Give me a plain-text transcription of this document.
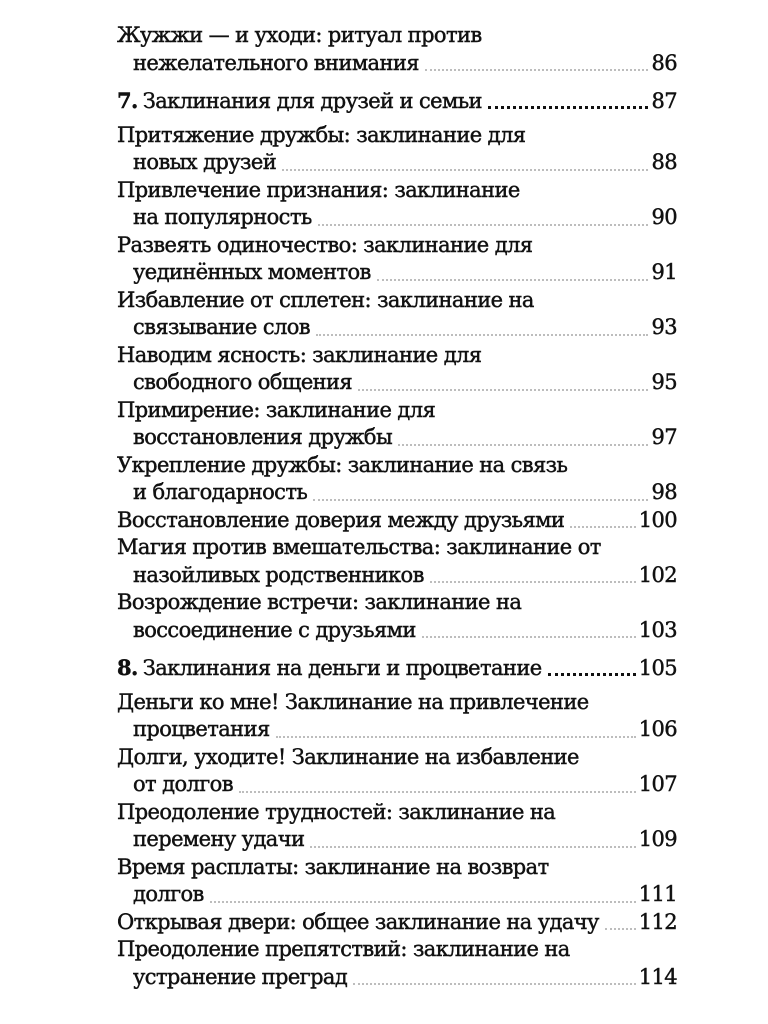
Жужжи — и уходи: ритуал против
нежелательного внимания	86
7. Заклинания для друзей и семьи	87
Притяжение дружбы: заклинание для
новых друзей	88
Привлечение признания: заклинание
на популярность	90
Развеять одиночество: заклинание для
уединённых моментов	91
Избавление от сплетен: заклинание на
связывание слов	93
Наводим ясность: заклинание для
свободного общения	95
Примирение: заклинание для
восстановления дружбы	97
Укрепление дружбы: заклинание на связь
и благодарность	98
Восстановление доверия между друзьями	100
Магия против вмешательства: заклинание от
назойливых родственников	102
Возрождение встречи: заклинание на
воссоединение с друзьями	103
8. Заклинания на деньги и процветание	105
Деньги ко мне! Заклинание на привлечение
процветания	106
Долги, уходите! Заклинание на избавление
от долгов	107
Преодоление трудностей: заклинание на
перемену удачи	109
Время расплаты: заклинание на возврат
долгов	111
Открывая двери: общее заклинание на удачу 112
Преодоление препятствий: заклинание на
устранение преград	114
